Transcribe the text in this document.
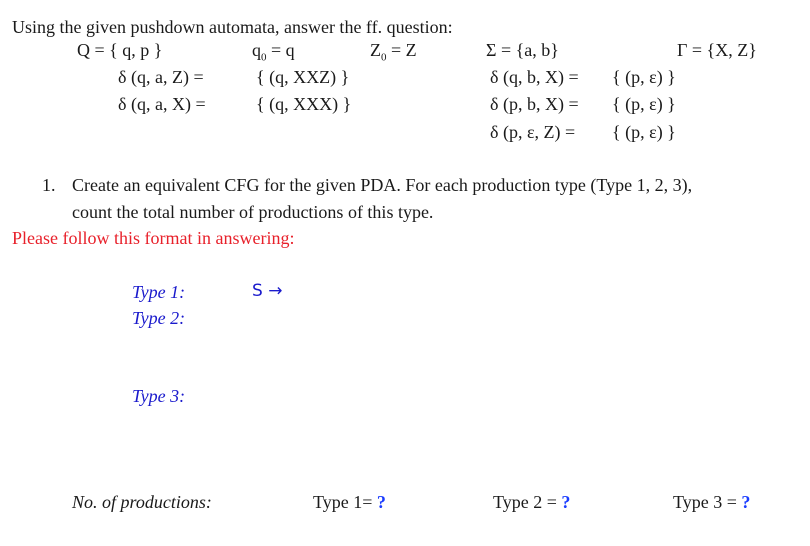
Using the given pushdown automata, answer the ff. question:
Q = { q, p }	$q_0 = q$	$Z_0 = Z$	Σ = {a, b}	Γ = {X, Z}
δ (q, a, Z) =	{ (q, XXZ) }
δ (q, a, X) =	{ (q, XXX) }
δ (q, b, X) = { (p, ε) }
δ (p, b, X) = { (p, ε) }
δ (p, ε, Z) = { (p, ε) }
1. Create an equivalent CFG for the given PDA. For each production type (Type 1, 2, 3),
count the total number of productions of this type.
Please follow this format in answering:
Type 1:	S →
Type 2:
Type 3:
No. of productions:	Type 1= ?	Type 2 = ?	Type 3 = ?
